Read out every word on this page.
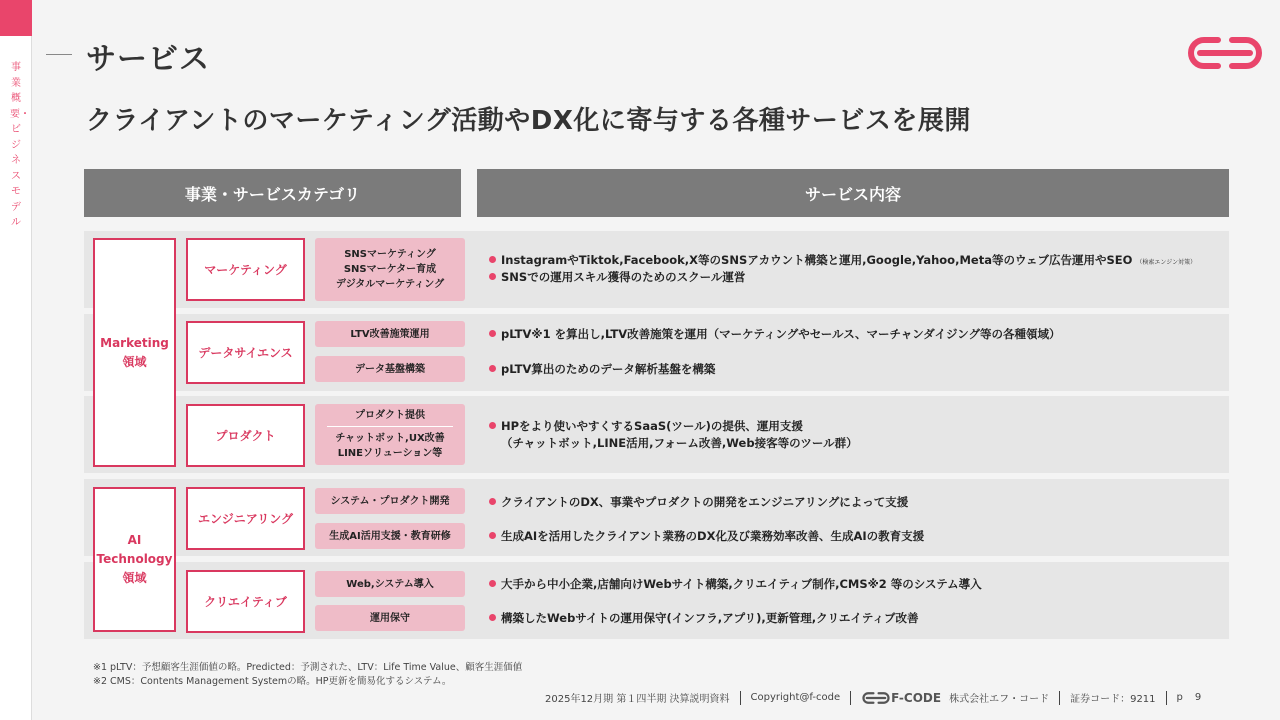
事業概要・ビジネスモデル
サービス
クライアントのマーケティング活動やDX化に寄与する各種サービスを展開
事業・サービスカテゴリ	サービス内容
Marketing
領域
AI
Technology
領域
マーケティング
SNSマーケティング
SNSマーケター育成
デジタルマーケティング
InstagramやTiktok,Facebook,X等のSNSアカウント構築と運用,Google,Yahoo,Meta等のウェブ広告運用やSEO （検索エンジン対策）
SNSでの運用スキル獲得のためのスクール運営
データサイエンス
LTV改善施策運用
データ基盤構築
pLTV※1 を算出し,LTV改善施策を運用（マーケティングやセールス、マーチャンダイジング等の各種領域）
pLTV算出のためのデータ解析基盤を構築
プロダクト
プロダクト提供
チャットボット,UX改善
LINEソリューション等
HPをより使いやすくするSaaS(ツール)の提供、運用支援
（チャットボット,LINE活用,フォーム改善,Web接客等のツール群）
エンジニアリング
システム・プロダクト開発
生成AI活用支援・教育研修
クライアントのDX、事業やプロダクトの開発をエンジニアリングによって支援
生成AIを活用したクライアント業務のDX化及び業務効率改善、生成AIの教育支援
クリエイティブ
Web,システム導入
運用保守
大手から中小企業,店舗向けWebサイト構築,クリエイティブ制作,CMS※2 等のシステム導入
構築したWebサイトの運用保守(インフラ,アプリ),更新管理,クリエイティブ改善
※1 pLTV：予想顧客生涯価値の略。Predicted：予測された、LTV：Life Time Value、顧客生涯価値
※2 CMS：Contents Management Systemの略。HP更新を簡易化するシステム。
2025年12月期 第１四半期 決算説明資料 Copyright@f-code	F-CODE 株式会社エフ・コード 証券コード：9211 p 9
